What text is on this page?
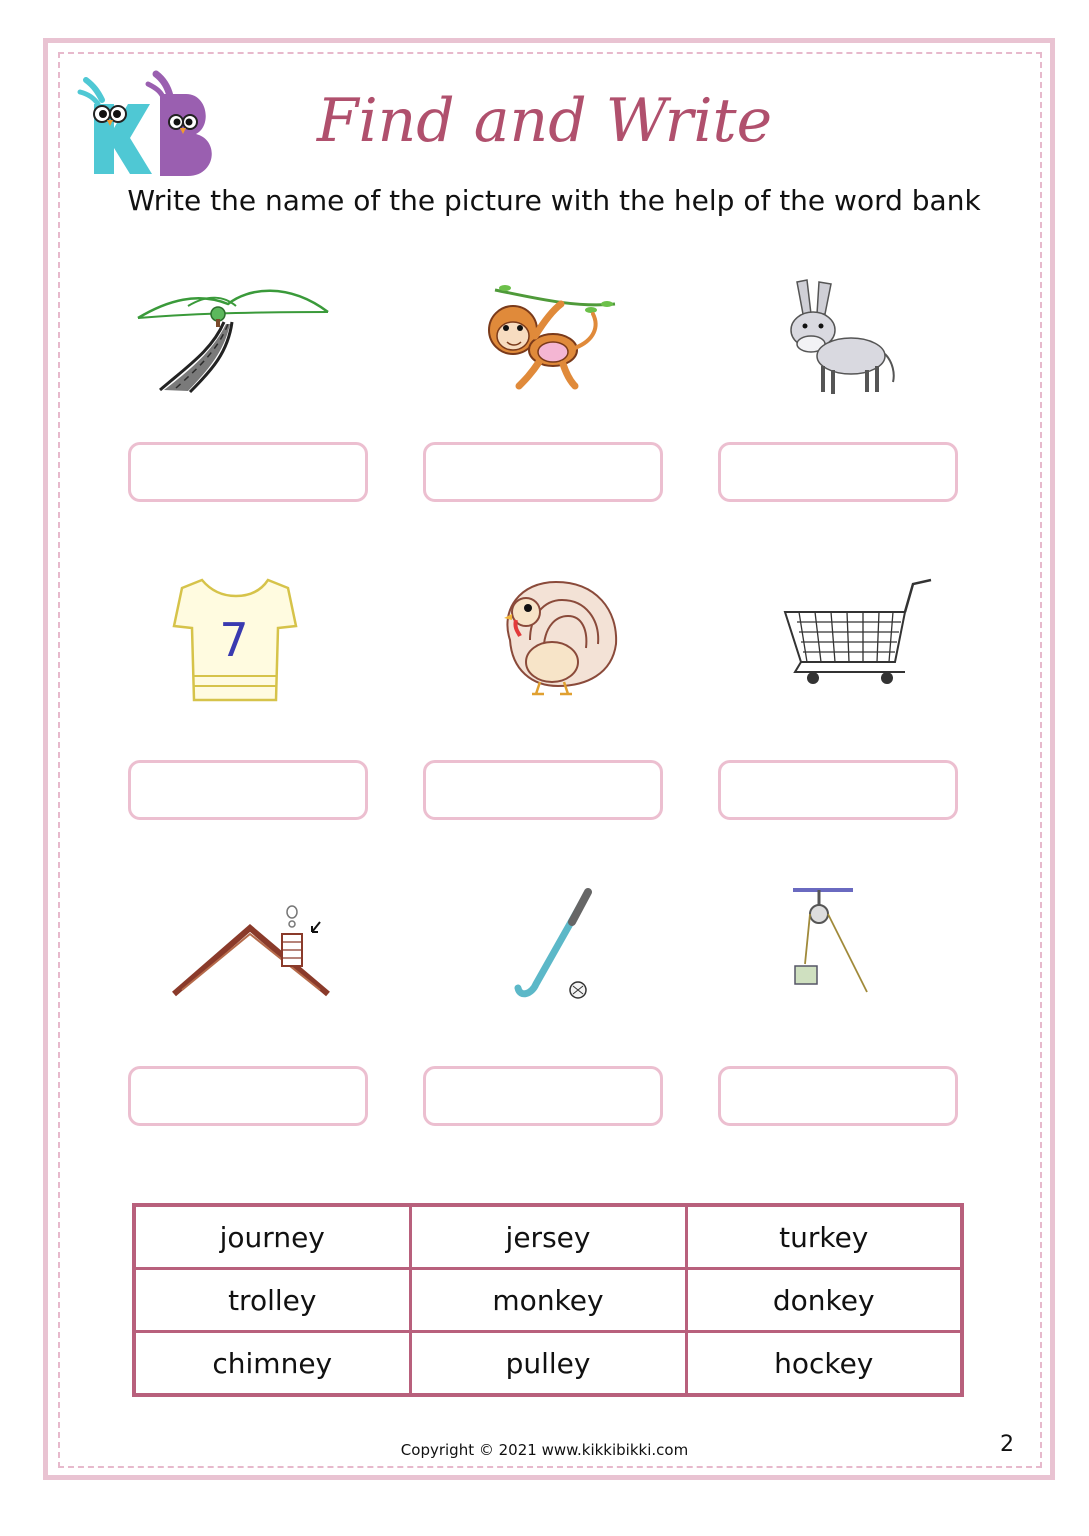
Find and Write
Write the name of the picture with the help of the word bank
7
journey	jersey	turkey
trolley	monkey	donkey
chimney	pulley	hockey
Copyright © 2021 www.kikkibikki.com	2
